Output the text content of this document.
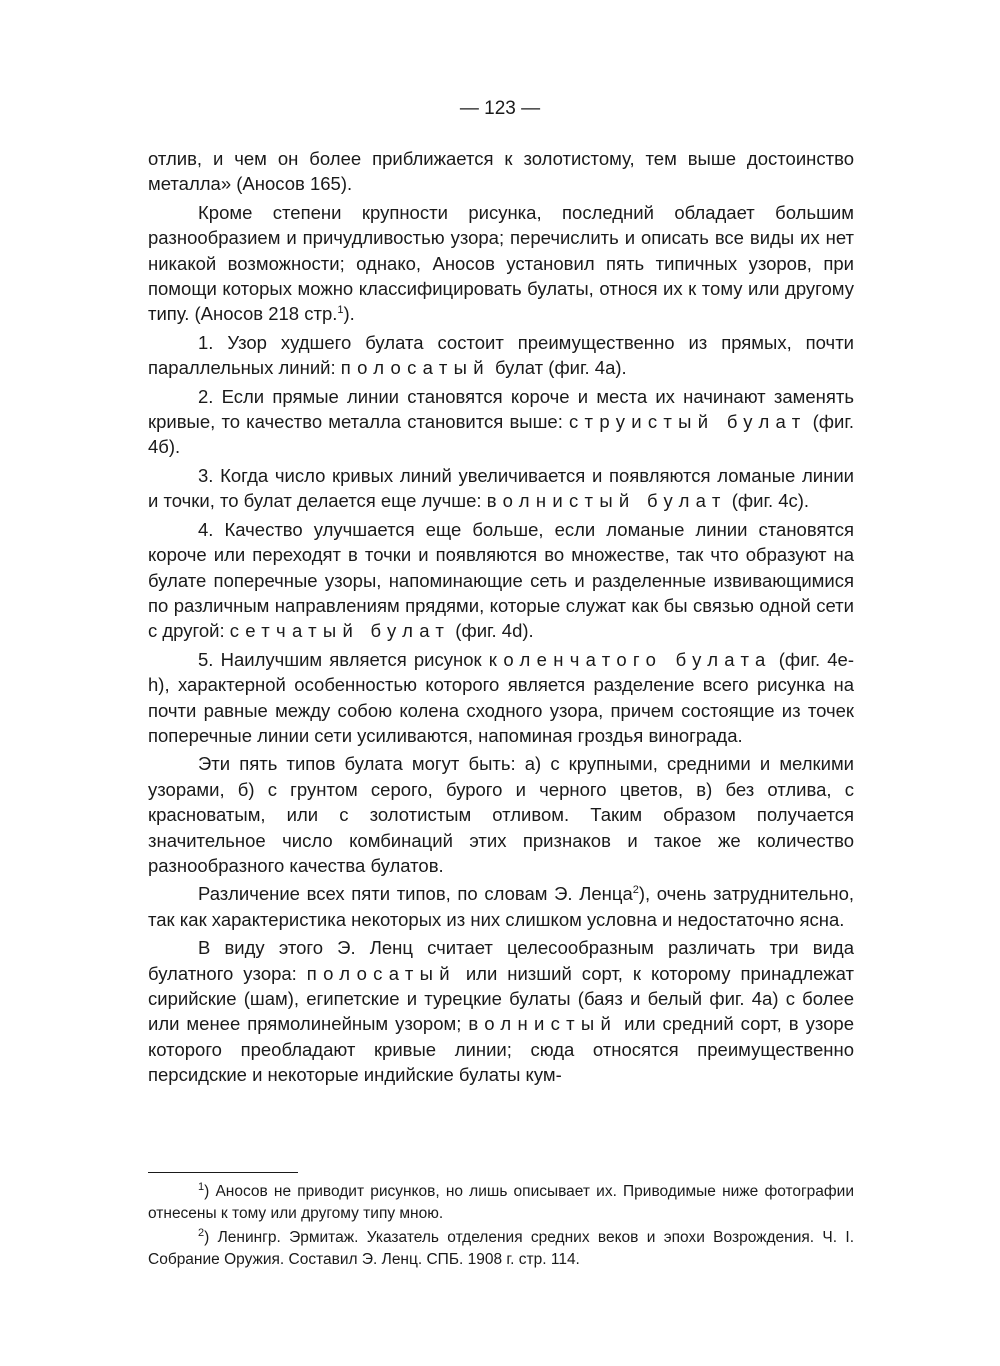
— 123 —

отлив, и чем он более приближается к золотистому, тем выше достоинство металла» (Аносов 165).

Кроме степени крупности рисунка, последний обладает большим разнообразием и причудливостью узора; перечислить и описать все виды их нет никакой возможности; однако, Аносов установил пять типичных узоров, при помощи которых можно классифицировать булаты, относя их к тому или другому типу. (Аносов 218 стр.$^1$).

1. Узор худшего булата состоит преимущественно из прямых, почти параллельных линий: полосатый булат (фиг. 4а).

2. Если прямые линии становятся короче и места их начинают заменять кривые, то качество металла становится выше: струистый булат (фиг. 4б).

3. Когда число кривых линий увеличивается и появляются ломаные линии и точки, то булат делается еще лучше: волнистый булат (фиг. 4с).

4. Качество улучшается еще больше, если ломаные линии становятся короче или переходят в точки и появляются во множестве, так что образуют на булате поперечные узоры, напоминающие сеть и разделенные извивающимися по различным направлениям прядями, которые служат как бы связью одной сети с другой: сетчатый булат (фиг. 4d).

5. Наилучшим является рисунок коленчатого булата (фиг. 4е-h), характерной особенностью которого является разделение всего рисунка на почти равные между собою колена сходного узора, причем состоящие из точек поперечные линии сети усиливаются, напоминая гроздья винограда.

Эти пять типов булата могут быть: а) с крупными, средними и мелкими узорами, б) с грунтом серого, бурого и черного цветов, в) без отлива, с красноватым, или с золотистым отливом. Таким образом получается значительное число комбинаций этих признаков и такое же количество разнообразного качества булатов.

Различение всех пяти типов, по словам Э. Ленца$^2$), очень затруднительно, так как характеристика некоторых из них слишком условна и недостаточно ясна.

В виду этого Э. Ленц считает целесообразным различать три вида булатного узора: полосатый или низший сорт, к которому принадлежат сирийские (шам), египетские и турецкие булаты (баяз и белый фиг. 4а) с более или менее прямолинейным узором; волнистый или средний сорт, в узоре которого преобладают кривые линии; сюда относятся преимущественно персидские и некоторые индийские булаты кум-

$^1$) Аносов не приводит рисунков, но лишь описывает их. Приводимые ниже фотографии отнесены к тому или другому типу мною.

$^2$) Ленингр. Эрмитаж. Указатель отделения средних веков и эпохи Возрождения. Ч. I. Собрание Оружия. Составил Э. Ленц. СПБ. 1908 г. стр. 114.
